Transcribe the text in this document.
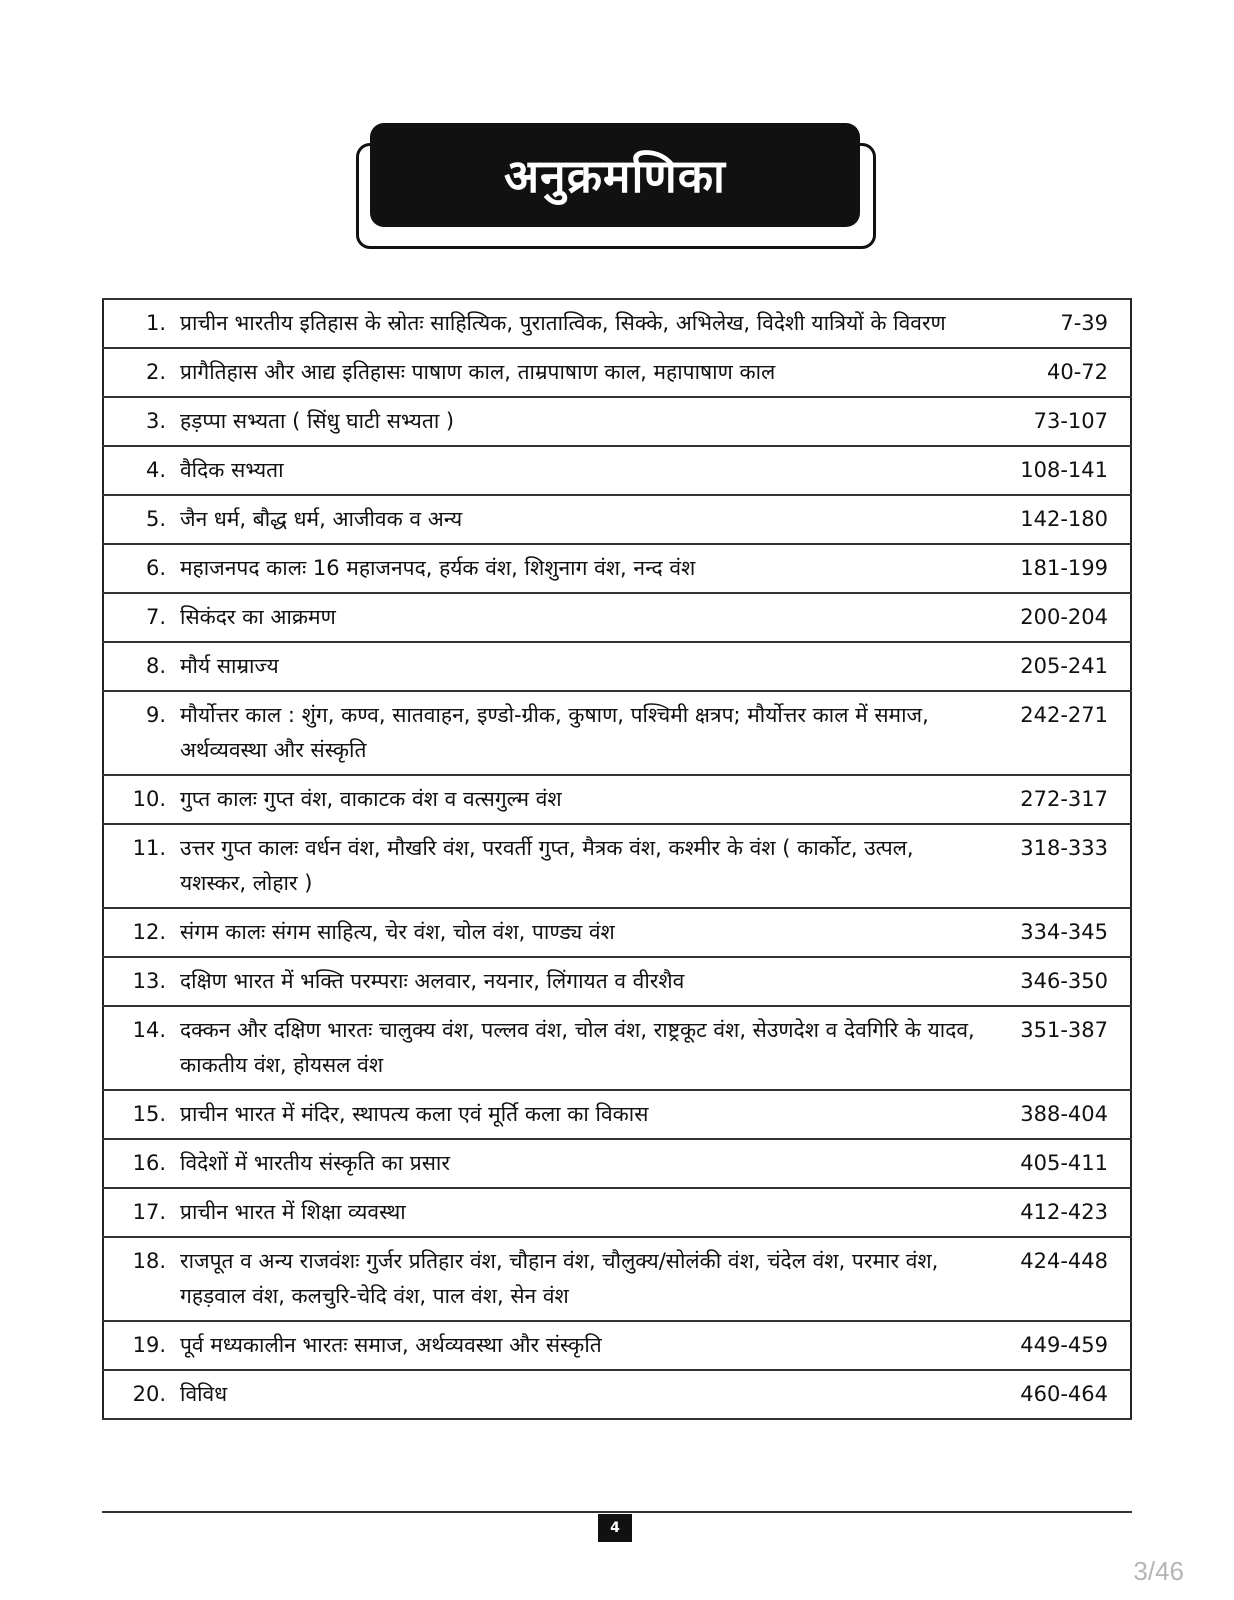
अनुक्रमणिका
1.	प्राचीन भारतीय इतिहास के स्रोतः साहित्यिक, पुरातात्विक, सिक्के, अभिलेख, विदेशी यात्रियों के विवरण	7-39
2.	प्रागैतिहास और आद्य इतिहासः पाषाण काल, ताम्रपाषाण काल, महापाषाण काल	40-72
3.	हड़प्पा सभ्यता ( सिंधु घाटी सभ्यता )	73-107
4.	वैदिक सभ्यता	108-141
5.	जैन धर्म, बौद्ध धर्म, आजीवक व अन्य	142-180
6.	महाजनपद कालः 16 महाजनपद, हर्यक वंश, शिशुनाग वंश, नन्द वंश	181-199
7.	सिकंदर का आक्रमण	200-204
8.	मौर्य साम्राज्य	205-241
9.	मौर्योत्तर काल : शुंग, कण्व, सातवाहन, इण्डो-ग्रीक, कुषाण, पश्चिमी क्षत्रप; मौर्योत्तर काल में समाज, अर्थव्यवस्था और संस्कृति	242-271
10.	गुप्त कालः गुप्त वंश, वाकाटक वंश व वत्सगुल्म वंश	272-317
11.	उत्तर गुप्त कालः वर्धन वंश, मौखरि वंश, परवर्ती गुप्त, मैत्रक वंश, कश्मीर के वंश ( कार्कोट, उत्पल, यशस्कर, लोहार )	318-333
12.	संगम कालः संगम साहित्य, चेर वंश, चोल वंश, पाण्ड्य वंश	334-345
13.	दक्षिण भारत में भक्ति परम्पराः अलवार, नयनार, लिंगायत व वीरशैव	346-350
14.	दक्कन और दक्षिण भारतः चालुक्य वंश, पल्लव वंश, चोल वंश, राष्ट्रकूट वंश, सेउणदेश व देवगिरि के यादव, काकतीय वंश, होयसल वंश	351-387
15.	प्राचीन भारत में मंदिर, स्थापत्य कला एवं मूर्ति कला का विकास	388-404
16.	विदेशों में भारतीय संस्कृति का प्रसार	405-411
17.	प्राचीन भारत में शिक्षा व्यवस्था	412-423
18.	राजपूत व अन्य राजवंशः गुर्जर प्रतिहार वंश, चौहान वंश, चौलुक्य/सोलंकी वंश, चंदेल वंश, परमार वंश, गहड़वाल वंश, कलचुरि-चेदि वंश, पाल वंश, सेन वंश	424-448
19.	पूर्व मध्यकालीन भारतः समाज, अर्थव्यवस्था और संस्कृति	449-459
20.	विविध	460-464
4
3/46
